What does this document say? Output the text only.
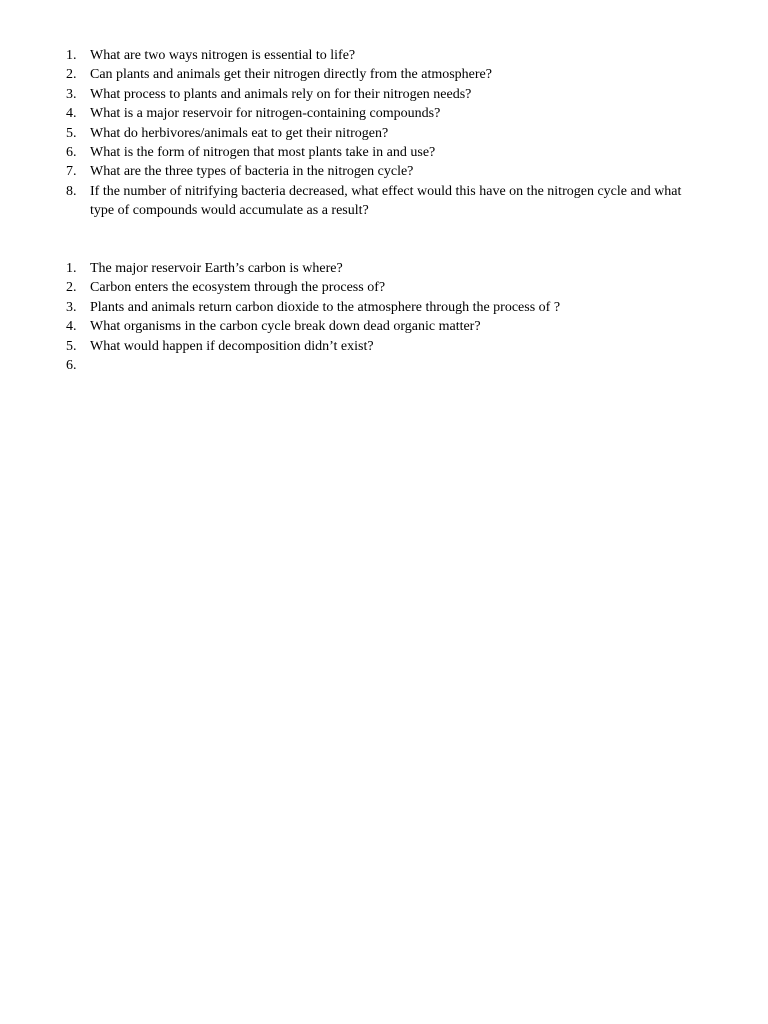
1. What are two ways nitrogen is essential to life?
2. Can plants and animals get their nitrogen directly from the atmosphere?
3. What process to plants and animals rely on for their nitrogen needs?
4. What is a major reservoir for nitrogen-containing compounds?
5. What do herbivores/animals eat to get their nitrogen?
6. What is the form of nitrogen that most plants take in and use?
7. What are the three types of bacteria in the nitrogen cycle?
8. If the number of nitrifying bacteria decreased, what effect would this have on the nitrogen cycle and what type of compounds would accumulate as a result?
1. The major reservoir Earth’s carbon is where?
2. Carbon enters the ecosystem through the process of?
3. Plants and animals return carbon dioxide to the atmosphere through the process of ?
4. What organisms in the carbon cycle break down dead organic matter?
5. What would happen if decomposition didn’t exist?
6.
